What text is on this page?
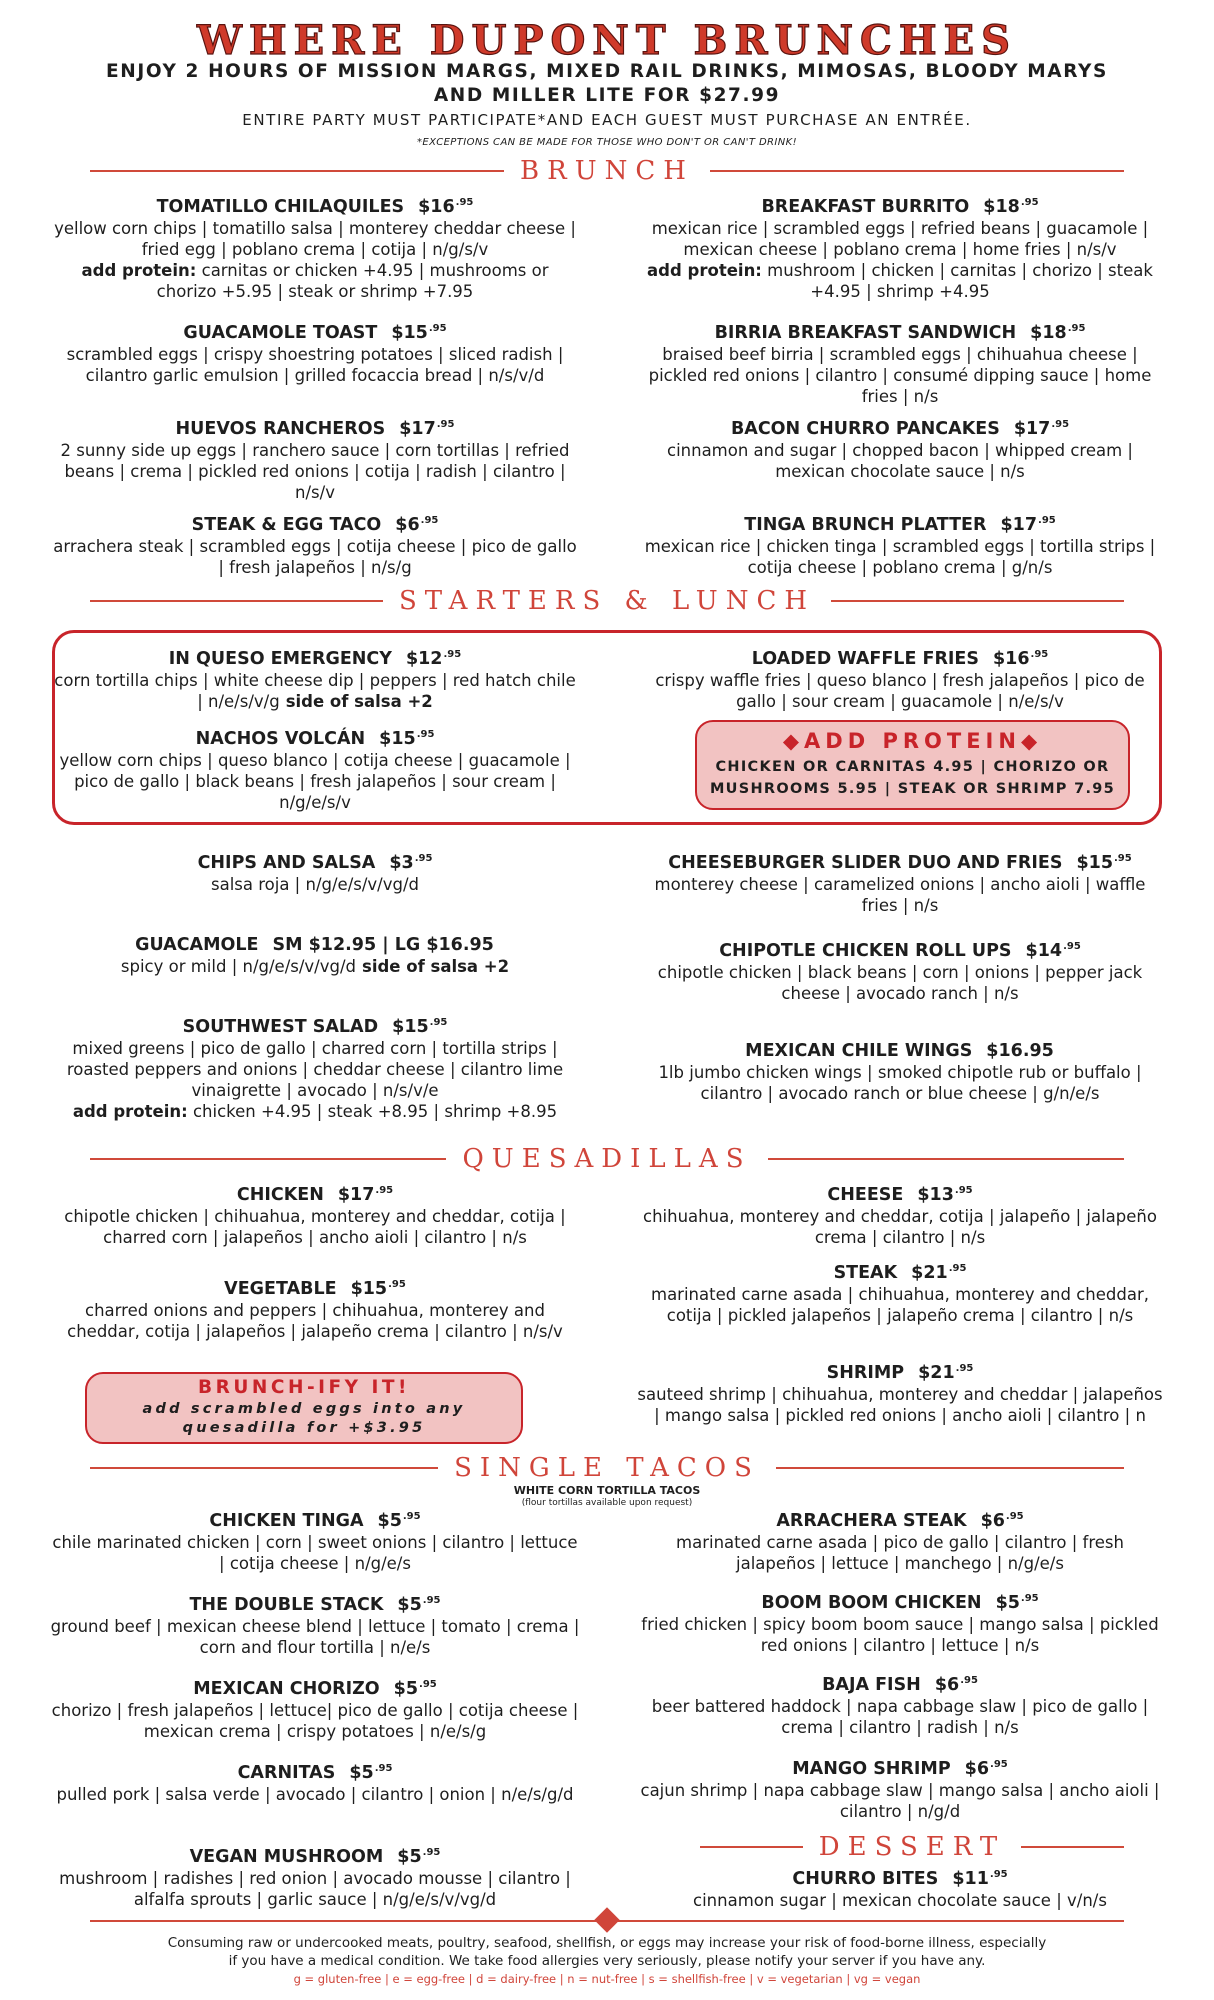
WHERE DUPONT BRUNCHES
ENJOY 2 HOURS OF MISSION MARGS, MIXED RAIL DRINKS, MIMOSAS, BLOODY MARYS
AND MILLER LITE FOR $27.99
ENTIRE PARTY MUST PARTICIPATE*AND EACH GUEST MUST PURCHASE AN ENTRÉE.
*EXCEPTIONS CAN BE MADE FOR THOSE WHO DON'T OR CAN'T DRINK!
BRUNCH
TOMATILLO CHILAQUILES $\$16^{.95}$
yellow corn chips | tomatillo salsa | monterey cheddar cheese | fried egg | poblano crema | cotija | n/g/s/v
add protein: carnitas or chicken +4.95 | mushrooms or chorizo +5.95 | steak or shrimp +7.95
GUACAMOLE TOAST $\$15^{.95}$
scrambled eggs | crispy shoestring potatoes | sliced radish | cilantro garlic emulsion | grilled focaccia bread | n/s/v/d
HUEVOS RANCHEROS $\$17^{.95}$
2 sunny side up eggs | ranchero sauce | corn tortillas | refried beans | crema | pickled red onions | cotija | radish | cilantro | n/s/v
STEAK & EGG TACO $\$6^{.95}$
arrachera steak | scrambled eggs | cotija cheese | pico de gallo | fresh jalapeños | n/s/g
BREAKFAST BURRITO $\$18^{.95}$
mexican rice | scrambled eggs | refried beans | guacamole | mexican cheese | poblano crema | home fries | n/s/v
add protein: mushroom | chicken | carnitas | chorizo | steak +4.95 | shrimp +4.95
BIRRIA BREAKFAST SANDWICH $\$18^{.95}$
braised beef birria | scrambled eggs | chihuahua cheese | pickled red onions | cilantro | consumé dipping sauce | home fries | n/s
BACON CHURRO PANCAKES $\$17^{.95}$
cinnamon and sugar | chopped bacon | whipped cream | mexican chocolate sauce | n/s
TINGA BRUNCH PLATTER $\$17^{.95}$
mexican rice | chicken tinga | scrambled eggs | tortilla strips | cotija cheese | poblano crema | g/n/s
STARTERS & LUNCH
IN QUESO EMERGENCY $\$12^{.95}$
corn tortilla chips | white cheese dip | peppers | red hatch chile | n/e/s/v/g side of salsa +2
NACHOS VOLCÁN $\$15^{.95}$
yellow corn chips | queso blanco | cotija cheese | guacamole | pico de gallo | black beans | fresh jalapeños | sour cream | n/g/e/s/v
LOADED WAFFLE FRIES $\$16^{.95}$
crispy waffle fries | queso blanco | fresh jalapeños | pico de gallo | sour cream | guacamole | n/e/s/v
◆ADD PROTEIN◆
CHICKEN OR CARNITAS 4.95 | CHORIZO OR
MUSHROOMS 5.95 | STEAK OR SHRIMP 7.95
CHIPS AND SALSA $\$3^{.95}$
salsa roja | n/g/e/s/v/vg/d
GUACAMOLE SM $12.95 | LG $16.95
spicy or mild | n/g/e/s/v/vg/d side of salsa +2
SOUTHWEST SALAD $\$15^{.95}$
mixed greens | pico de gallo | charred corn | tortilla strips | roasted peppers and onions | cheddar cheese | cilantro lime vinaigrette | avocado | n/s/v/e
add protein: chicken +4.95 | steak +8.95 | shrimp +8.95
CHEESEBURGER SLIDER DUO AND FRIES $\$15^{.95}$
monterey cheese | caramelized onions | ancho aioli | waffle fries | n/s
CHIPOTLE CHICKEN ROLL UPS $\$14^{.95}$
chipotle chicken | black beans | corn | onions | pepper jack cheese | avocado ranch | n/s
MEXICAN CHILE WINGS $16.95
1lb jumbo chicken wings | smoked chipotle rub or buffalo | cilantro | avocado ranch or blue cheese | g/n/e/s
QUESADILLAS
CHICKEN $\$17^{.95}$
chipotle chicken | chihuahua, monterey and cheddar, cotija | charred corn | jalapeños | ancho aioli | cilantro | n/s
VEGETABLE $\$15^{.95}$
charred onions and peppers | chihuahua, monterey and cheddar, cotija | jalapeños | jalapeño crema | cilantro | n/s/v
BRUNCH-IFY IT!
add scrambled eggs into any
quesadilla for +$3.95
CHEESE $\$13^{.95}$
chihuahua, monterey and cheddar, cotija | jalapeño | jalapeño crema | cilantro | n/s
STEAK $\$21^{.95}$
marinated carne asada | chihuahua, monterey and cheddar, cotija | pickled jalapeños | jalapeño crema | cilantro | n/s
SHRIMP $\$21^{.95}$
sauteed shrimp | chihuahua, monterey and cheddar | jalapeños | mango salsa | pickled red onions | ancho aioli | cilantro | n
SINGLE TACOS
WHITE CORN TORTILLA TACOS
(flour tortillas available upon request)
CHICKEN TINGA $\$5^{.95}$
chile marinated chicken | corn | sweet onions | cilantro | lettuce | cotija cheese | n/g/e/s
THE DOUBLE STACK $\$5^{.95}$
ground beef | mexican cheese blend | lettuce | tomato | crema | corn and flour tortilla | n/e/s
MEXICAN CHORIZO $\$5^{.95}$
chorizo | fresh jalapeños | lettuce| pico de gallo | cotija cheese | mexican crema | crispy potatoes | n/e/s/g
CARNITAS $\$5^{.95}$
pulled pork | salsa verde | avocado | cilantro | onion | n/e/s/g/d
VEGAN MUSHROOM $\$5^{.95}$
mushroom | radishes | red onion | avocado mousse | cilantro | alfalfa sprouts | garlic sauce | n/g/e/s/v/vg/d
ARRACHERA STEAK $\$6^{.95}$
marinated carne asada | pico de gallo | cilantro | fresh jalapeños | lettuce | manchego | n/g/e/s
BOOM BOOM CHICKEN $\$5^{.95}$
fried chicken | spicy boom boom sauce | mango salsa | pickled red onions | cilantro | lettuce | n/s
BAJA FISH $\$6^{.95}$
beer battered haddock | napa cabbage slaw | pico de gallo | crema | cilantro | radish | n/s
MANGO SHRIMP $\$6^{.95}$
cajun shrimp | napa cabbage slaw | mango salsa | ancho aioli | cilantro | n/g/d
DESSERT
CHURRO BITES $\$11^{.95}$
cinnamon sugar | mexican chocolate sauce | v/n/s
Consuming raw or undercooked meats, poultry, seafood, shellfish, or eggs may increase your risk of food-borne illness, especially
if you have a medical condition. We take food allergies very seriously, please notify your server if you have any.
g = gluten-free | e = egg-free | d = dairy-free | n = nut-free | s = shellfish-free | v = vegetarian | vg = vegan
